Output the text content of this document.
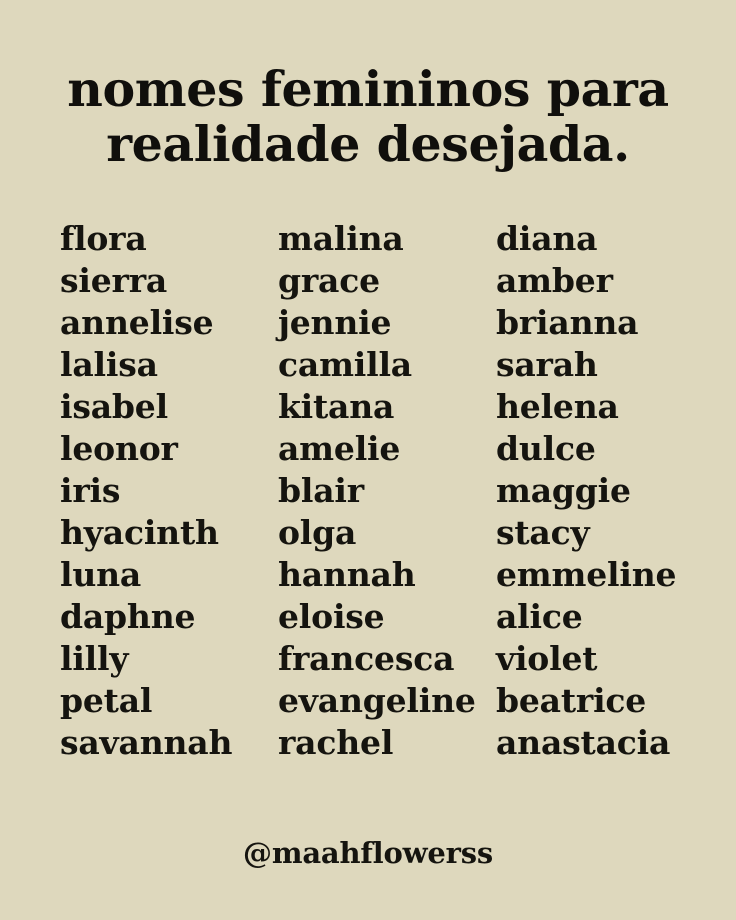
nomes femininos para
realidade desejada.
flora
sierra
annelise
lalisa
isabel
leonor
iris
hyacinth
luna
daphne
lilly
petal
savannah
malina
grace
jennie
camilla
kitana
amelie
blair
olga
hannah
eloise
francesca
evangeline
rachel
diana
amber
brianna
sarah
helena
dulce
maggie
stacy
emmeline
alice
violet
beatrice
anastacia
@maahflowerss
